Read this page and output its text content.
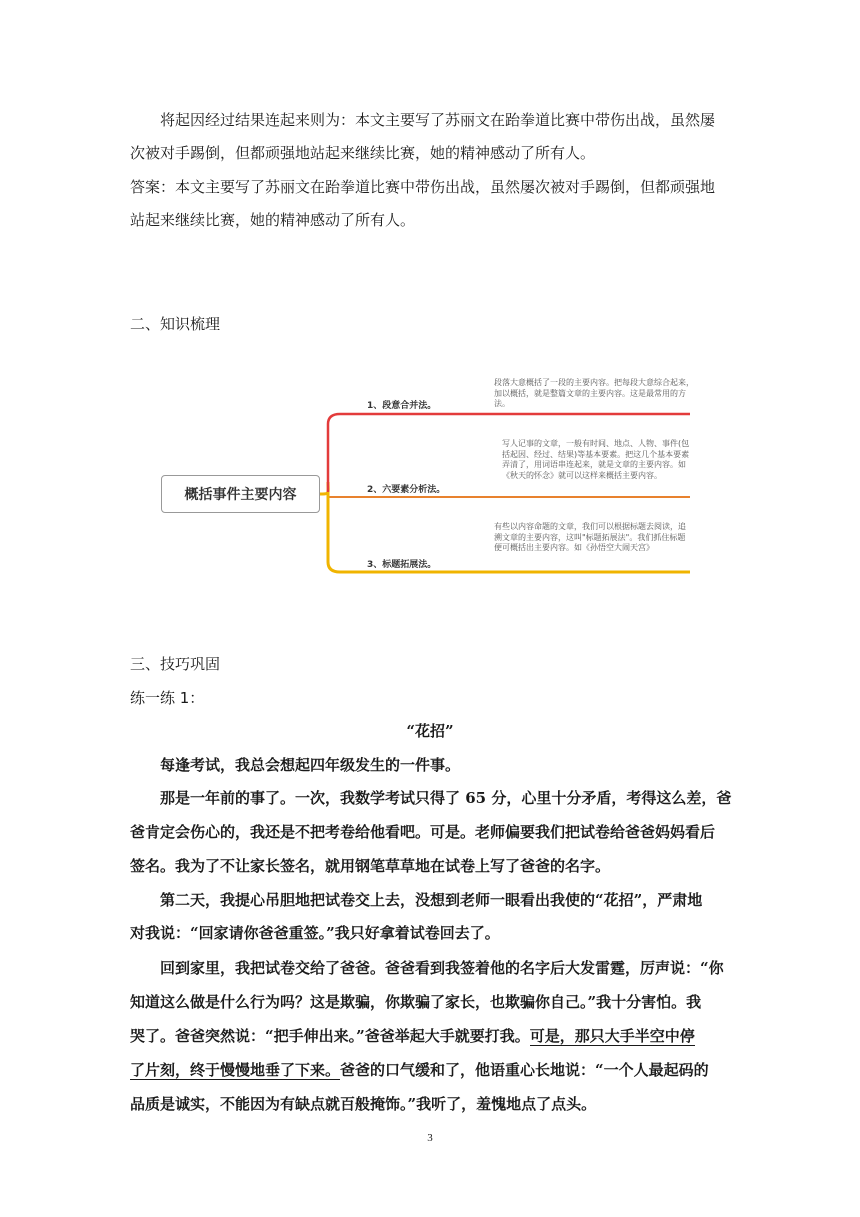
将起因经过结果连起来则为：本文主要写了苏丽文在跆拳道比赛中带伤出战，虽然屡

次被对手踢倒，但都顽强地站起来继续比赛，她的精神感动了所有人。

答案：本文主要写了苏丽文在跆拳道比赛中带伤出战，虽然屡次被对手踢倒，但都顽强地

站起来继续比赛，她的精神感动了所有人。

二、知识梳理

概括事件主要内容
1、段意合并法。
段落大意概括了一段的主要内容。把每段大意综合起来，加以概括，就是整篇文章的主要内容。这是最常用的方法。
2、六要素分析法。
写人记事的文章，一般有时间、地点、人物、事件(包括起因、经过、结果)等基本要素。把这几个基本要素弄清了，用词语串连起来，就是文章的主要内容。如《秋天的怀念》就可以这样来概括主要内容。
3、标题拓展法。
有些以内容命题的文章，我们可以根据标题去阅读，追溯文章的主要内容，这叫"标题拓展法"。我们抓住标题便可概括出主要内容。如《孙悟空大闹天宫》

三、技巧巩固

练一练 1：

“花招”

每逢考试，我总会想起四年级发生的一件事。

那是一年前的事了。一次，我数学考试只得了 65 分，心里十分矛盾，考得这么差，爸

爸肯定会伤心的，我还是不把考卷给他看吧。可是。老师偏要我们把试卷给爸爸妈妈看后

签名。我为了不让家长签名，就用钢笔草草地在试卷上写了爸爸的名字。

第二天，我提心吊胆地把试卷交上去，没想到老师一眼看出我使的“花招”，严肃地

对我说：“回家请你爸爸重签。”我只好拿着试卷回去了。

回到家里，我把试卷交给了爸爸。爸爸看到我签着他的名字后大发雷霆，厉声说：“你

知道这么做是什么行为吗？这是欺骗，你欺骗了家长，也欺骗你自己。”我十分害怕。我

哭了。爸爸突然说：“把手伸出来。”爸爸举起大手就要打我。可是，那只大手半空中停

了片刻，终于慢慢地垂了下来。爸爸的口气缓和了，他语重心长地说：“一个人最起码的

品质是诚实，不能因为有缺点就百般掩饰。”我听了，羞愧地点了点头。

3
